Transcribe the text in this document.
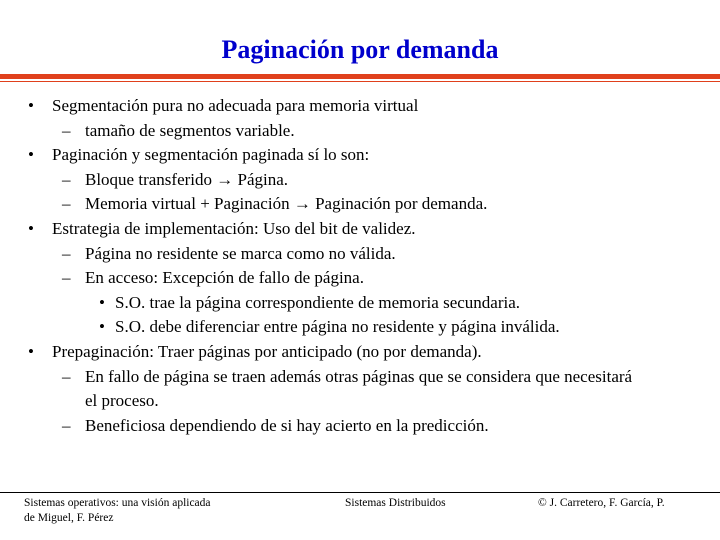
Paginación por demanda
• Segmentación pura no adecuada para memoria virtual
– tamaño de segmentos variable.
• Paginación y segmentación paginada sí lo son:
– Bloque transferido → Página.
– Memoria virtual + Paginación → Paginación por demanda.
• Estrategia de implementación: Uso del bit de validez.
– Página no residente se marca como no válida.
– En acceso: Excepción de fallo de página.
• S.O. trae la página correspondiente de memoria secundaria.
• S.O. debe diferenciar entre página no residente y página inválida.
• Prepaginación: Traer páginas por anticipado (no por demanda).
– En fallo de página se traen además otras páginas que se considera que necesitará el proceso.
– Beneficiosa dependiendo de si hay acierto en la predicción.
Sistemas operativos: una visión aplicada
de Miguel, F. Pérez
Sistemas Distribuidos	© J. Carretero, F. García, P.
